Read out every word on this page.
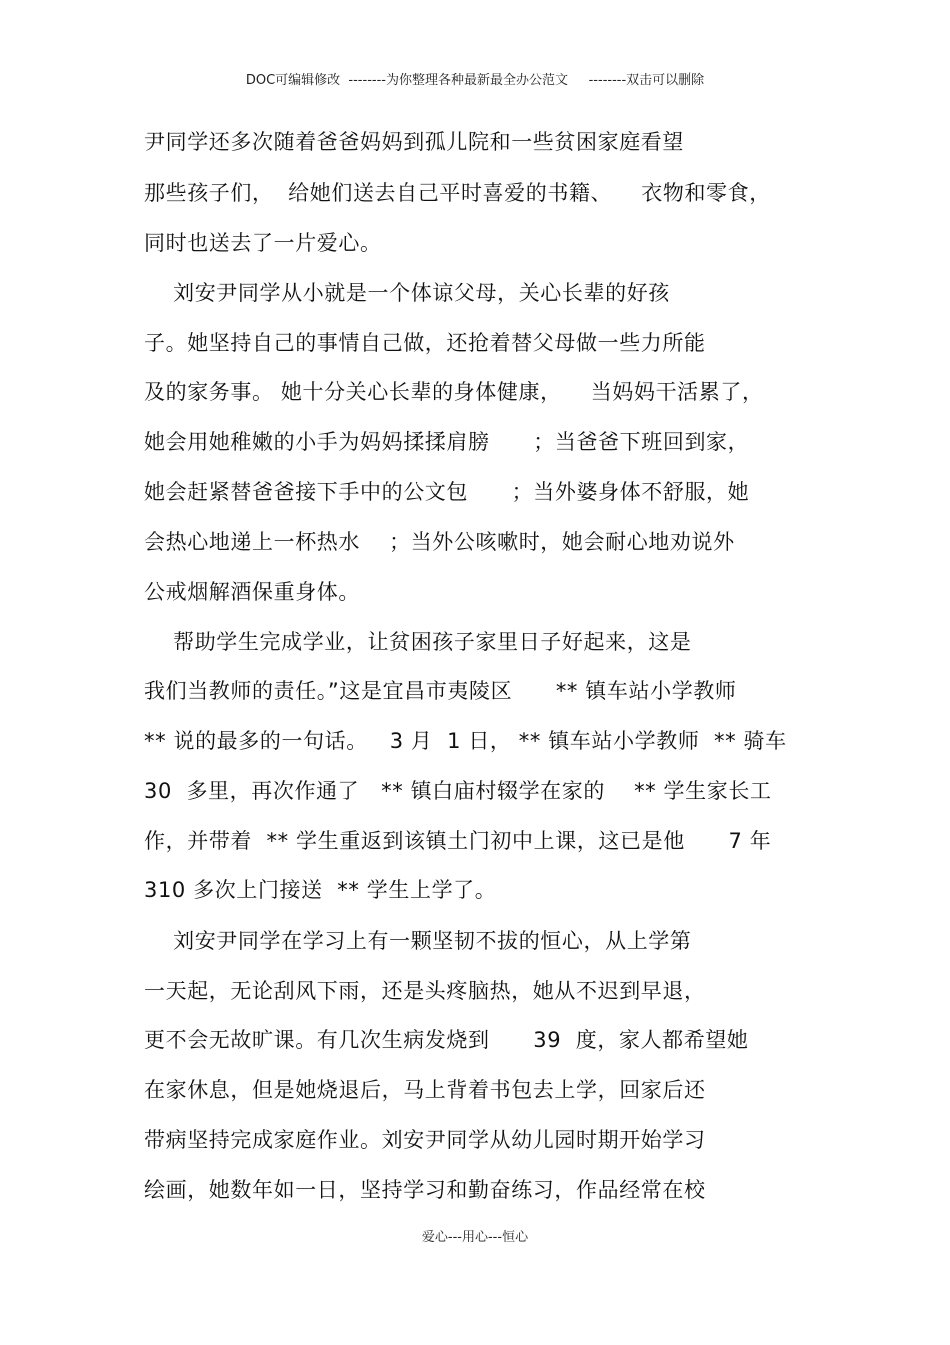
DOC可编辑修改  --------为你整理各种最新最全办公范文     --------双击可以删除
尹同学还多次随着爸爸妈妈到孤儿院和一些贫困家庭看望
那些孩子们，  给她们送去自己平时喜爱的书籍、    衣物和零食，
同时也送去了一片爱心。
刘安尹同学从小就是一个体谅父母，关心长辈的好孩
子。她坚持自己的事情自己做，还抢着替父母做一些力所能
及的家务事。 她十分关心长辈的身体健康，    当妈妈干活累了，
她会用她稚嫩的小手为妈妈揉揉肩膀      ；当爸爸下班回到家，
她会赶紧替爸爸接下手中的公文包      ；当外婆身体不舒服，她
会热心地递上一杯热水    ；当外公咳嗽时，她会耐心地劝说外
公戒烟解酒保重身体。
帮助学生完成学业，让贫困孩子家里日子好起来，这是
我们当教师的责任。”这是宜昌市夷陵区      ** 镇车站小学教师
** 说的最多的一句话。   3 月  1 日， ** 镇车站小学教师  ** 骑车
30  多里，再次作通了   ** 镇白庙村辍学在家的    ** 学生家长工
作，并带着  ** 学生重返到该镇土门初中上课，这已是他      7 年
310 多次上门接送  ** 学生上学了。
刘安尹同学在学习上有一颗坚韧不拔的恒心，从上学第
一天起，无论刮风下雨，还是头疼脑热，她从不迟到早退，
更不会无故旷课。有几次生病发烧到      39  度，家人都希望她
在家休息，但是她烧退后，马上背着书包去上学，回家后还
带病坚持完成家庭作业。刘安尹同学从幼儿园时期开始学习
绘画，她数年如一日，坚持学习和勤奋练习，作品经常在校
爱心---用心---恒心
